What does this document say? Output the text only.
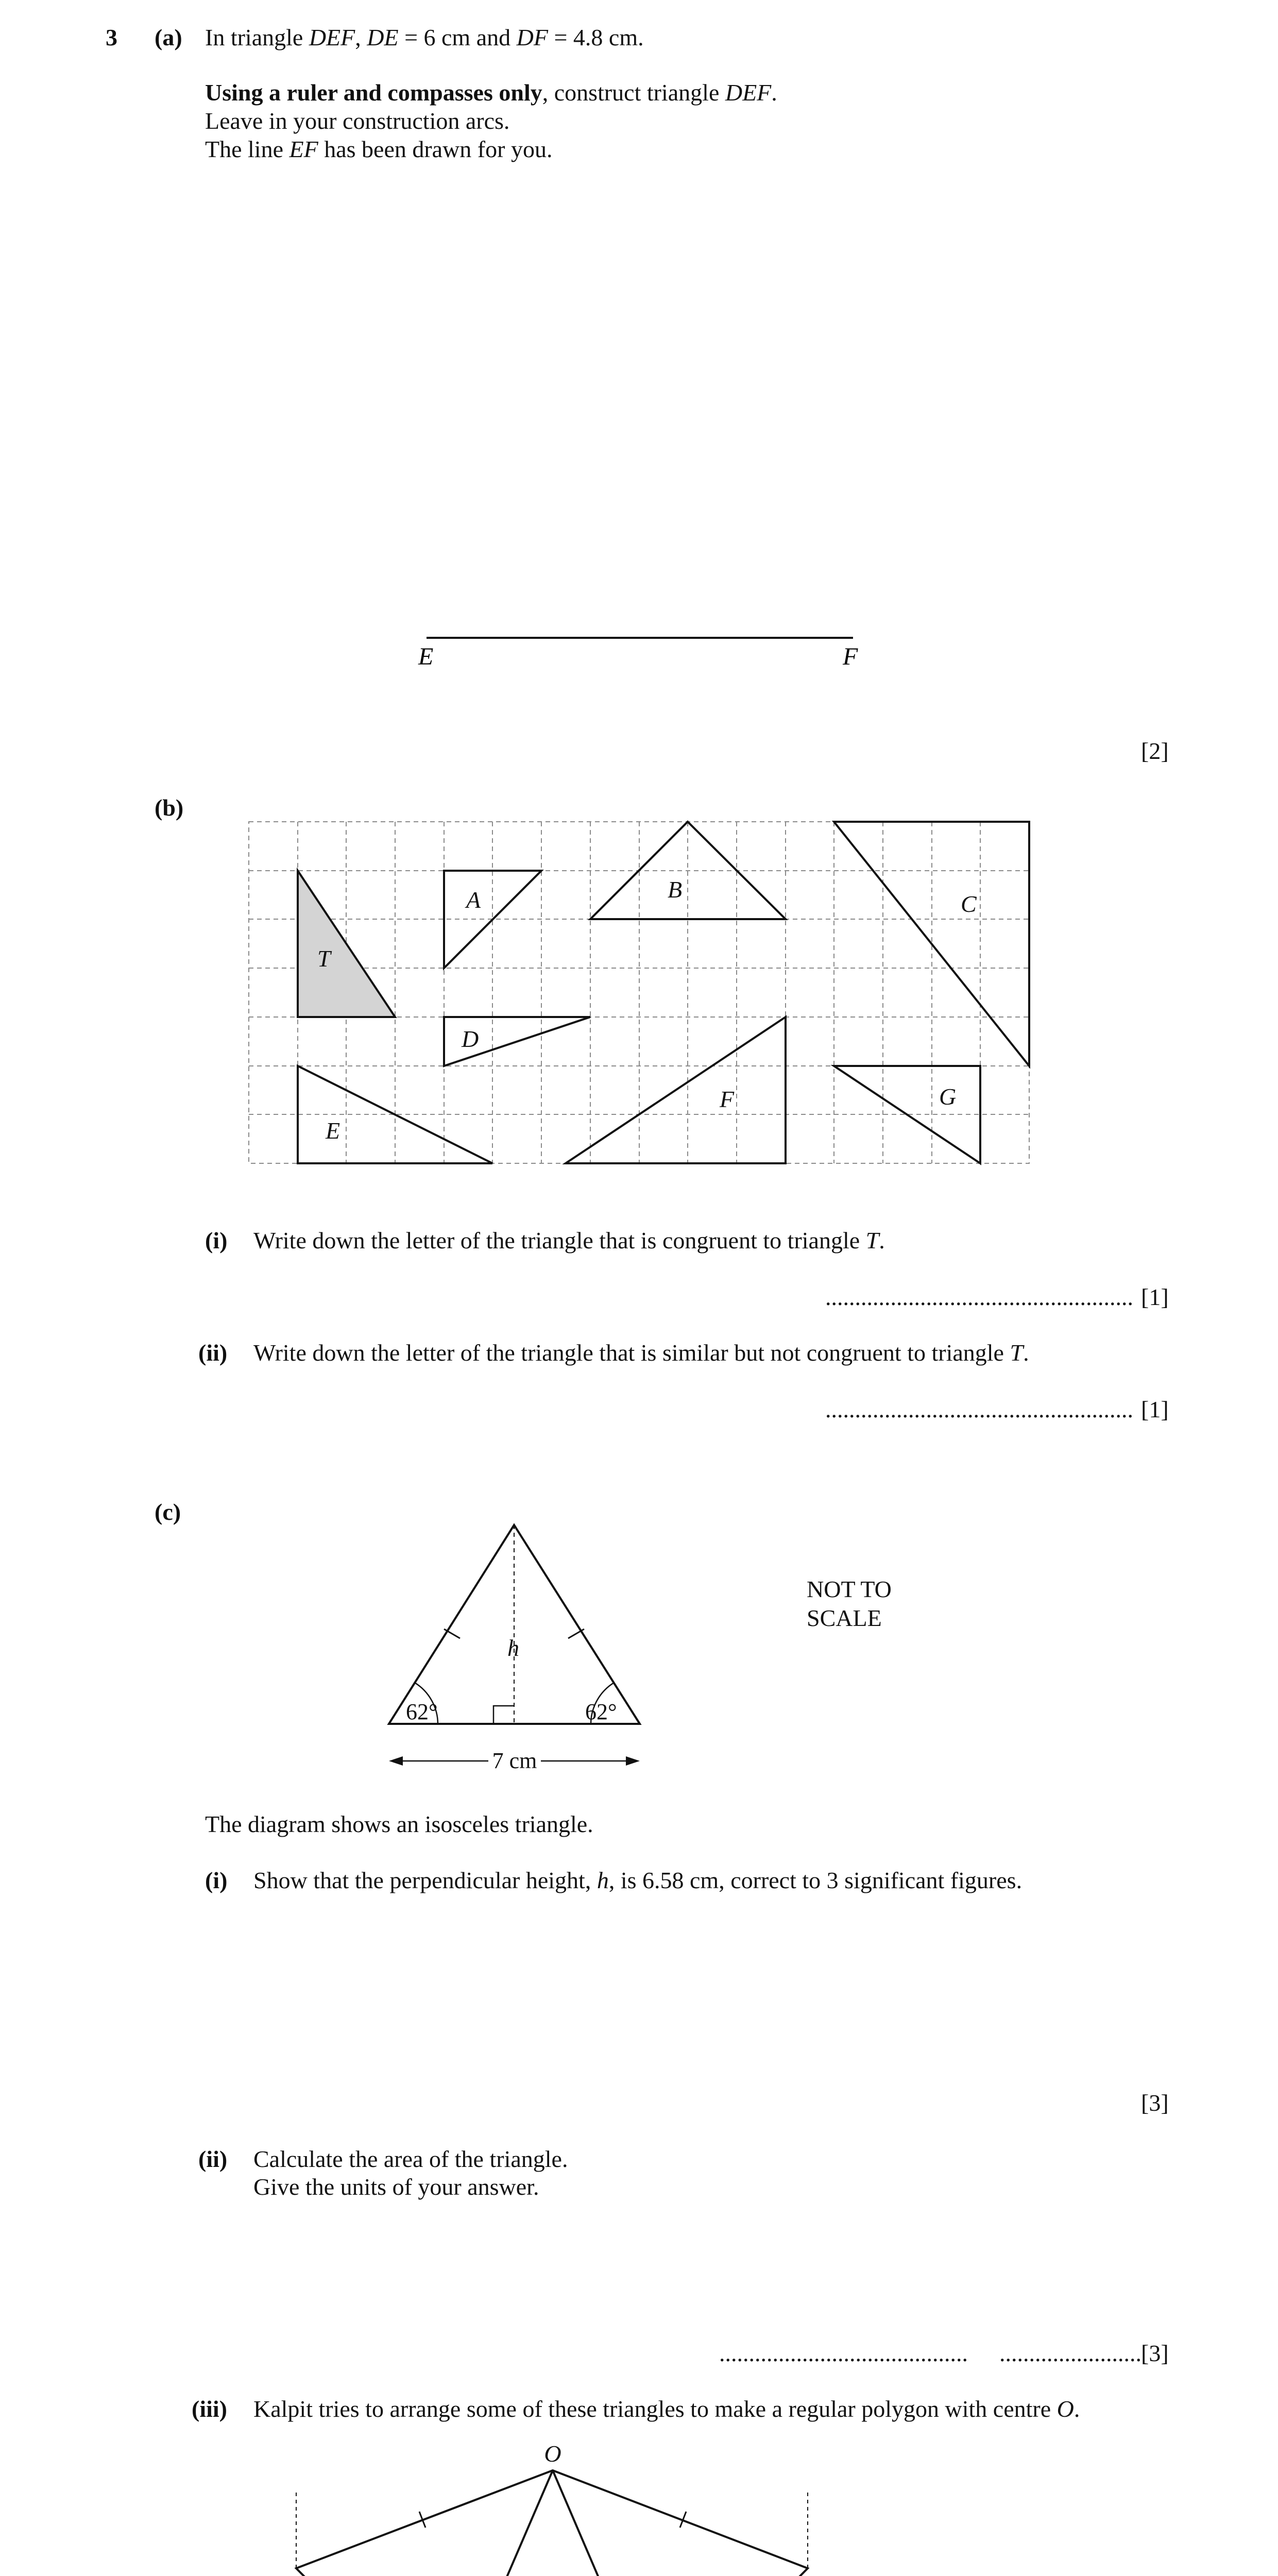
3 (a) In triangle DEF, DE = 6 cm and DF = 4.8 cm.
Using a ruler and compasses only, construct triangle DEF.
Leave in your construction arcs.
The line EF has been drawn for you.
E	F
[2]
(b)
T
A	B
C
D
E
F	G
(i) Write down the letter of the triangle that is congruent to triangle T.
.................................................... [1]
(ii) Write down the letter of the triangle that is similar but not congruent to triangle T.
.................................................... [1]
(c)
h
62°	62°
7 cm
NOT TO
SCALE
The diagram shows an isosceles triangle.
(i) Show that the perpendicular height, h, is 6.58 cm, correct to 3 significant figures.
[3]
(ii) Calculate the area of the triangle.
Give the units of your answer.
.......................................... ........................ [3]
(iii) Kalpit tries to arrange some of these triangles to make a regular polygon with centre O.
O
